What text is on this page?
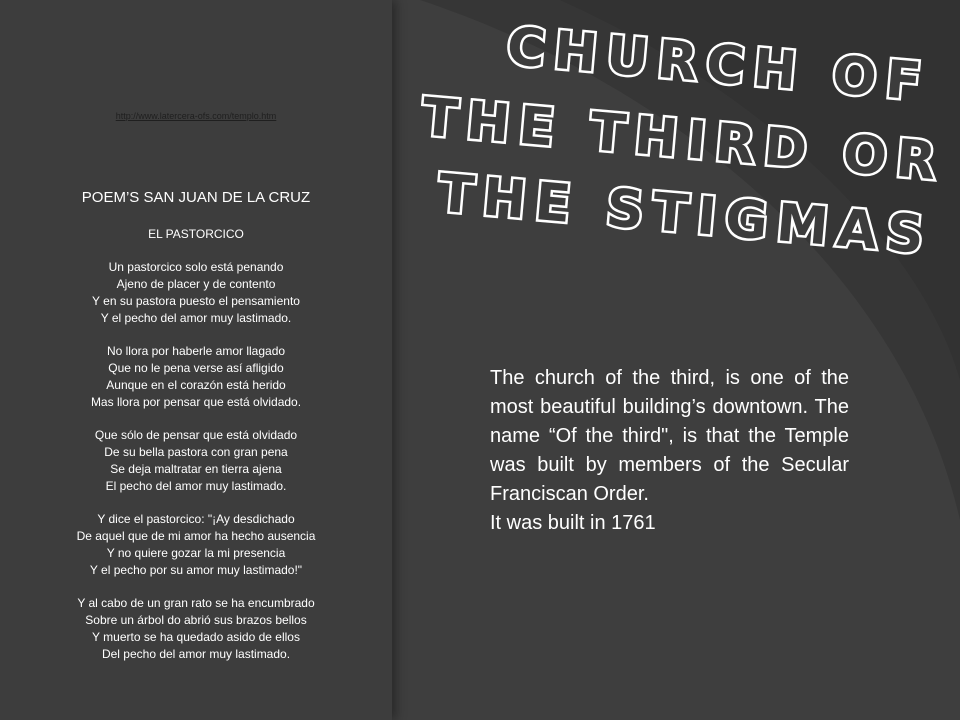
http://www.latercera-ofs.com/templo.htm
POEM’S SAN JUAN DE LA CRUZ
EL PASTORCICO
Un pastorcico solo está penando
Ajeno de placer y de contento
Y en su pastora puesto el pensamiento
Y el pecho del amor muy lastimado.
No llora por haberle amor llagado
Que no le pena verse así afligido
Aunque en el corazón está herido
Mas llora por pensar que está olvidado.
Que sólo de pensar que está olvidado
De su bella pastora con gran pena
Se deja maltratar en tierra ajena
El pecho del amor muy lastimado.
Y dice el pastorcico: "¡Ay desdichado
De aquel que de mi amor ha hecho ausencia
Y no quiere gozar la mi presencia
Y el pecho por su amor muy lastimado!"
Y al cabo de un gran rato se ha encumbrado
Sobre un árbol do abrió sus brazos bellos
Y muerto se ha quedado asido de ellos
Del pecho del amor muy lastimado.
CHURCH OF
THE THIRD OR
THE STIGMAS

The church of the third, is one of the most beautiful building’s downtown. The name “Of the third", is that the Temple was built by members of the Secular Franciscan Order.

It was built in 1761
